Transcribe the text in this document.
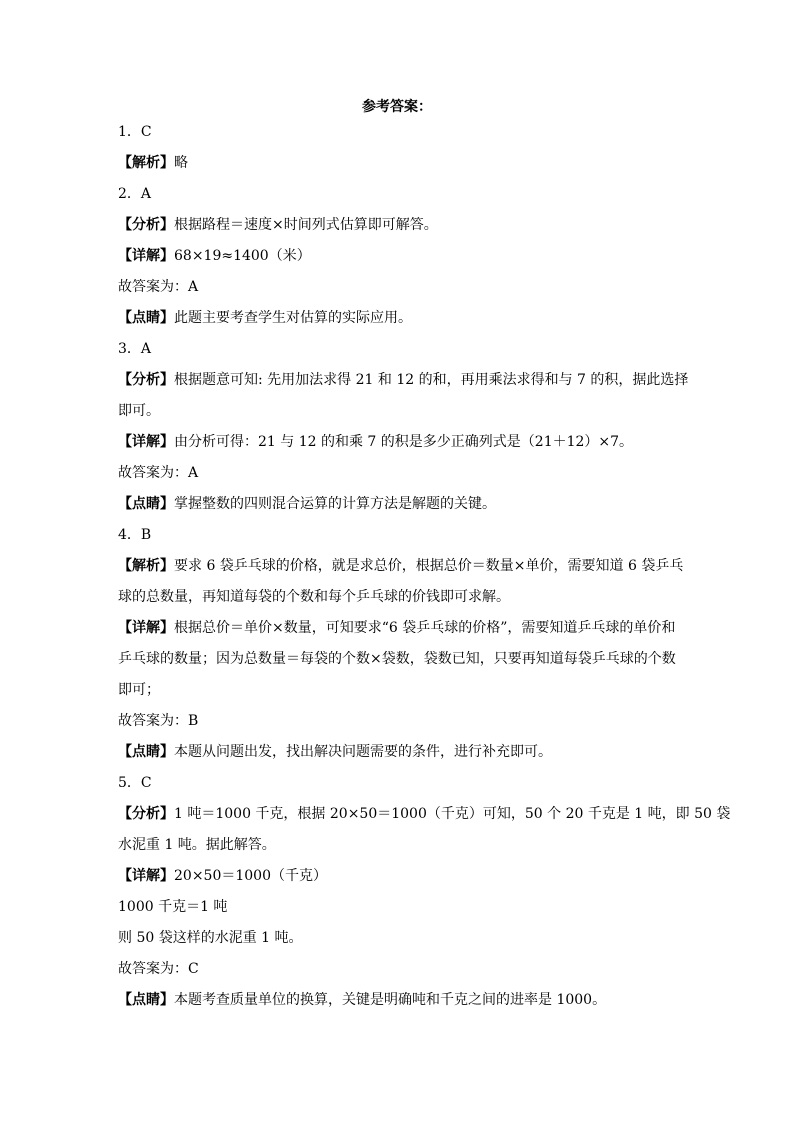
参考答案：
1．C
【解析】略
2．A
【分析】根据路程＝速度×时间列式估算即可解答。
【详解】68×19≈1400（米）
故答案为：A
【点睛】此题主要考查学生对估算的实际应用。
3．A
【分析】根据题意可知: 先用加法求得 21 和 12 的和，再用乘法求得和与 7 的积，据此选择
即可。
【详解】由分析可得：21 与 12 的和乘 7 的积是多少正确列式是（21＋12）×7。
故答案为：A
【点睛】掌握整数的四则混合运算的计算方法是解题的关键。
4．B
【解析】要求 6 袋乒乓球的价格，就是求总价，根据总价＝数量×单价，需要知道 6 袋乒乓
球的总数量，再知道每袋的个数和每个乒乓球的价钱即可求解。
【详解】根据总价＝单价×数量，可知要求“6 袋乒乓球的价格”，需要知道乒乓球的单价和
乒乓球的数量；因为总数量＝每袋的个数×袋数，袋数已知，只要再知道每袋乒乓球的个数
即可；
故答案为：B
【点睛】本题从问题出发，找出解决问题需要的条件，进行补充即可。
5．C
【分析】1 吨＝1000 千克，根据 20×50＝1000（千克）可知，50 个 20 千克是 1 吨，即 50 袋
水泥重 1 吨。据此解答。
【详解】20×50＝1000（千克）
1000 千克＝1 吨
则 50 袋这样的水泥重 1 吨。
故答案为：C
【点睛】本题考查质量单位的换算，关键是明确吨和千克之间的进率是 1000。
